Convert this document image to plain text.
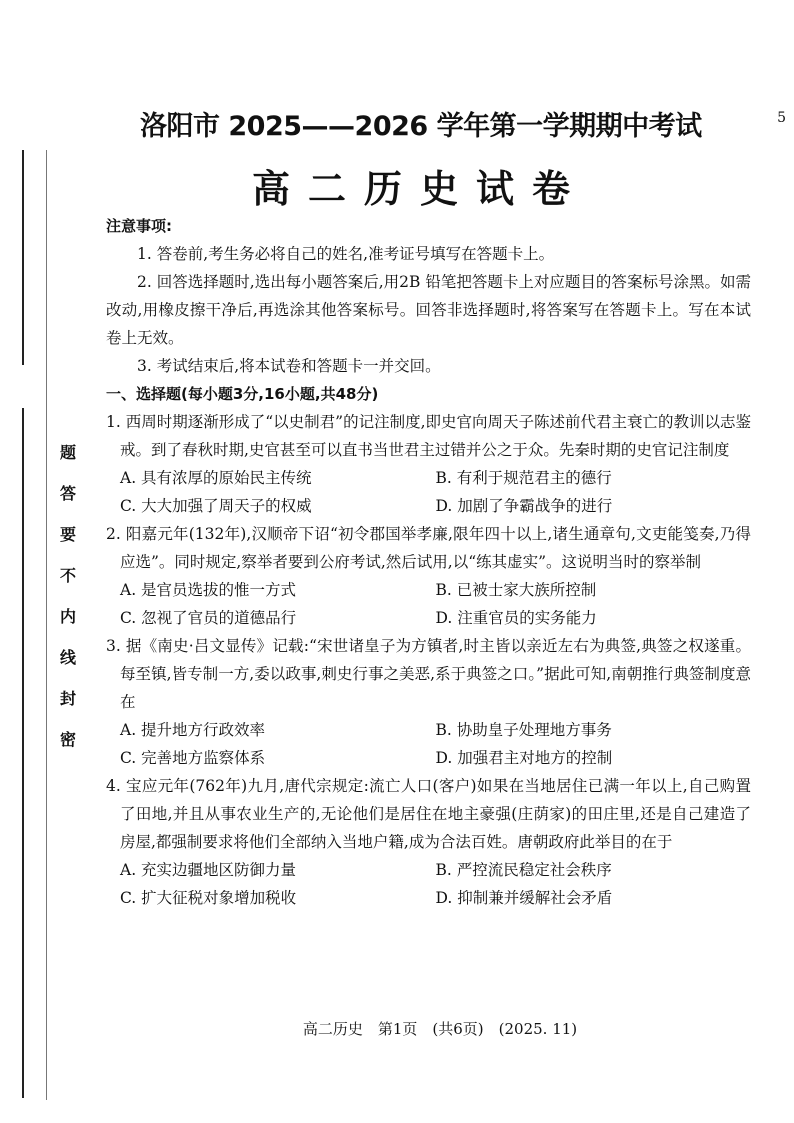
题
答
要
不
内
线
封
密
5
洛阳市 2025——2026 学年第一学期期中考试
高二历史试卷
注意事项:

1. 答卷前,考生务必将自己的姓名,准考证号填写在答题卡上。

2. 回答选择题时,选出每小题答案后,用2B 铅笔把答题卡上对应题目的答案标号涂黑。如需改动,用橡皮擦干净后,再选涂其他答案标号。回答非选择题时,将答案写在答题卡上。写在本试卷上无效。

3. 考试结束后,将本试卷和答题卡一并交回。

一、选择题(每小题3分,16小题,共48分)

1. 西周时期逐渐形成了“以史制君”的记注制度,即史官向周天子陈述前代君主衰亡的教训以志鉴戒。到了春秋时期,史官甚至可以直书当世君主过错并公之于众。先秦时期的史官记注制度

A. 具有浓厚的原始民主传统	B. 有利于规范君主的德行
C. 大大加强了周天子的权威	D. 加剧了争霸战争的进行

2. 阳嘉元年(132年),汉顺帝下诏“初令郡国举孝廉,限年四十以上,诸生通章句,文吏能笺奏,乃得应选”。同时规定,察举者要到公府考试,然后试用,以“练其虚实”。这说明当时的察举制

A. 是官员选拔的惟一方式	B. 已被士家大族所控制
C. 忽视了官员的道德品行	D. 注重官员的实务能力

3. 据《南史·吕文显传》记载:“宋世诸皇子为方镇者,时主皆以亲近左右为典签,典签之权遂重。每至镇,皆专制一方,委以政事,刺史行事之美恶,系于典签之口。”据此可知,南朝推行典签制度意在

A. 提升地方行政效率	B. 协助皇子处理地方事务
C. 完善地方监察体系	D. 加强君主对地方的控制

4. 宝应元年(762年)九月,唐代宗规定:流亡人口(客户)如果在当地居住已满一年以上,自己购置了田地,并且从事农业生产的,无论他们是居住在地主豪强(庄荫家)的田庄里,还是自己建造了房屋,都强制要求将他们全部纳入当地户籍,成为合法百姓。唐朝政府此举目的在于

A. 充实边疆地区防御力量	B. 严控流民稳定社会秩序
C. 扩大征税对象增加税收	D. 抑制兼并缓解社会矛盾
高二历史　第1页　(共6页)　(2025. 11)
